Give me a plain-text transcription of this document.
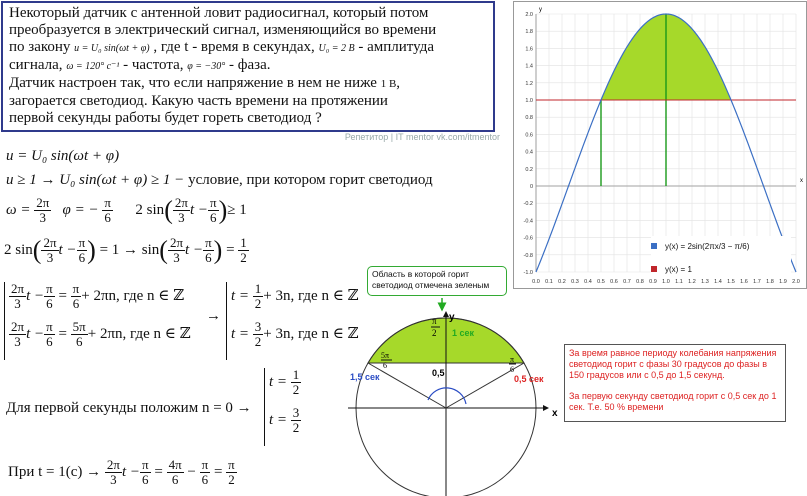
Некоторый датчик с антенной ловит радиосигнал, который потом
преобразуется в электрический сигнал, изменяющийся во времени
по закону u = U₀ sin(ωt + φ) , где t - время в секундах, U₀ = 2 В - амплитуда
сигнала, ω = 120° c⁻¹ - частота, φ = −30° - фаза.
Датчик настроен так, что если напряжение в нем не ниже 1 В,
загорается светодиод. Какую часть времени на протяжении
первой секунды работы будет гореть светодиод ?
Репетитор | IT mentor vk.com/itmentor
u = U₀ sin(ωt + φ)
u ≥ 1 → U₀ sin(ωt + φ) ≥ 1 − условие, при котором горит светодиод
$\omega = \frac{2\pi}{3}$ φ = − $\frac{\pi}{6} 2$ $\sin( \frac{2\pi}{3}$ $t - \frac{\pi}{6}$ )≥ 1
2 $\sin( \frac{2\pi}{3}$ $t - \frac{\pi}{6}$ ) = $1 \to \sin( \frac{2\pi}{3}$ $t - \frac{\pi}{6}$ ) = $\frac{1}{2}$
$\frac{2\pi}{3}$ $t - \frac{\pi}{6} = \frac{\pi}{6} + 2\pi n$, где n ∈ ℤ
$\frac{2\pi}{3}$ $t - \frac{\pi}{6} = \frac{5\pi}{6} + 2\pi n$, где n ∈ ℤ
→
$t = \frac{1}{2} + 3n$, где n ∈ ℤ
$t = \frac{3}{2} + 3n$, где n ∈ ℤ
Для первой секунды положим n = 0 →
$t = \frac{1}{2}$
$t = \frac{3}{2}$
При $t = 1(c) \to \frac{2\pi}{3}$ $t - \frac{\pi}{6} = \frac{4\pi}{6} - \frac{\pi}{6} = \frac{\pi}{2}$
0.0 0.1 0.2 0.3 0.4 0.5 0.6 0.7 0.8 0.9 1.0 1.1 1.2 1.3 1.4 1.5 1.6 1.7 1.8 1.9 2.0
2.0
1.8
1.6
1.4
1.2
1.0
0.8
0.6
0.4
0.2
0
-0.2
-0.4
-0.6
-0.8
-1.0
x
y
y(x) = 2sin(2πx/3 − π/6)
y(x) = 1
Область в которой горит светодиод отмечена зеленым
x
y
π
2 1 сек
5π
6
1,5 сек
π
6
0,5 сек
0,5
За время равное периоду колебания напряжения светодиод горит с фазы 30 градусов до фазы в 150 градусов или с 0,5 до 1,5 секунд.
За первую секунду светодиод горит с 0,5 сек до 1 сек. Т.е. 50 % времени
